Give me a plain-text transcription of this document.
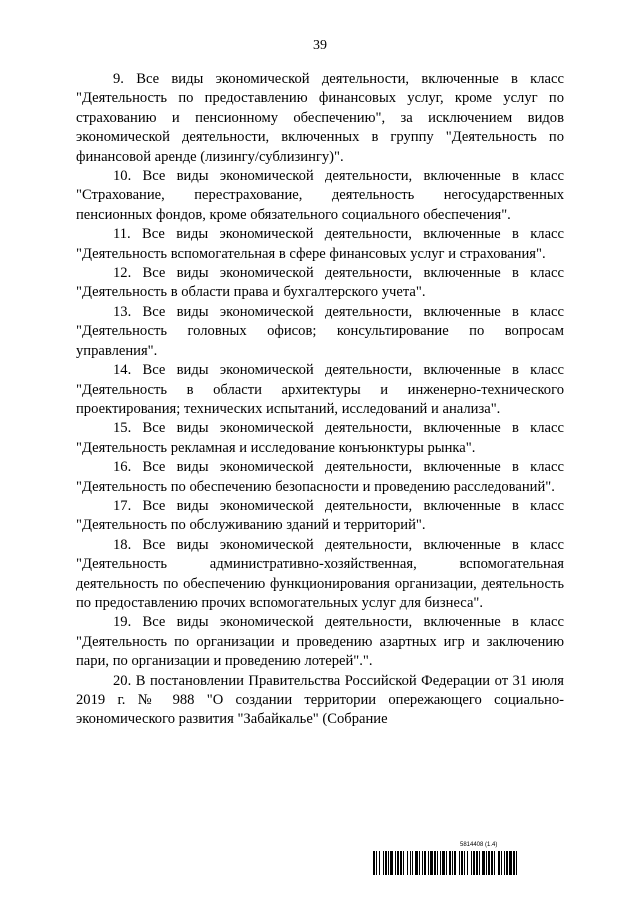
39

9. Все виды экономической деятельности, включенные в класс "Деятельность по предоставлению финансовых услуг, кроме услуг по страхованию и пенсионному обеспечению", за исключением видов экономической деятельности, включенных в группу "Деятельность по финансовой аренде (лизингу/сублизингу)".

10. Все виды экономической деятельности, включенные в класс "Страхование, перестрахование, деятельность негосударственных пенсионных фондов, кроме обязательного социального обеспечения".

11. Все виды экономической деятельности, включенные в класс "Деятельность вспомогательная в сфере финансовых услуг и страхования".

12. Все виды экономической деятельности, включенные в класс "Деятельность в области права и бухгалтерского учета".

13. Все виды экономической деятельности, включенные в класс "Деятельность головных офисов; консультирование по вопросам управления".

14. Все виды экономической деятельности, включенные в класс "Деятельность в области архитектуры и инженерно-технического проектирования; технических испытаний, исследований и анализа".

15. Все виды экономической деятельности, включенные в класс "Деятельность рекламная и исследование конъюнктуры рынка".

16. Все виды экономической деятельности, включенные в класс "Деятельность по обеспечению безопасности и проведению расследований".

17. Все виды экономической деятельности, включенные в класс "Деятельность по обслуживанию зданий и территорий".

18. Все виды экономической деятельности, включенные в класс "Деятельность административно-хозяйственная, вспомогательная деятельность по обеспечению функционирования организации, деятельность по предоставлению прочих вспомогательных услуг для бизнеса".

19. Все виды экономической деятельности, включенные в класс "Деятельность по организации и проведению азартных игр и заключению пари, по организации и проведению лотерей".".

20. В постановлении Правительства Российской Федерации от 31 июля 2019 г. № 988 "О создании территории опережающего социально-экономического развития "Забайкалье" (Собрание

5814408 (1.4)
